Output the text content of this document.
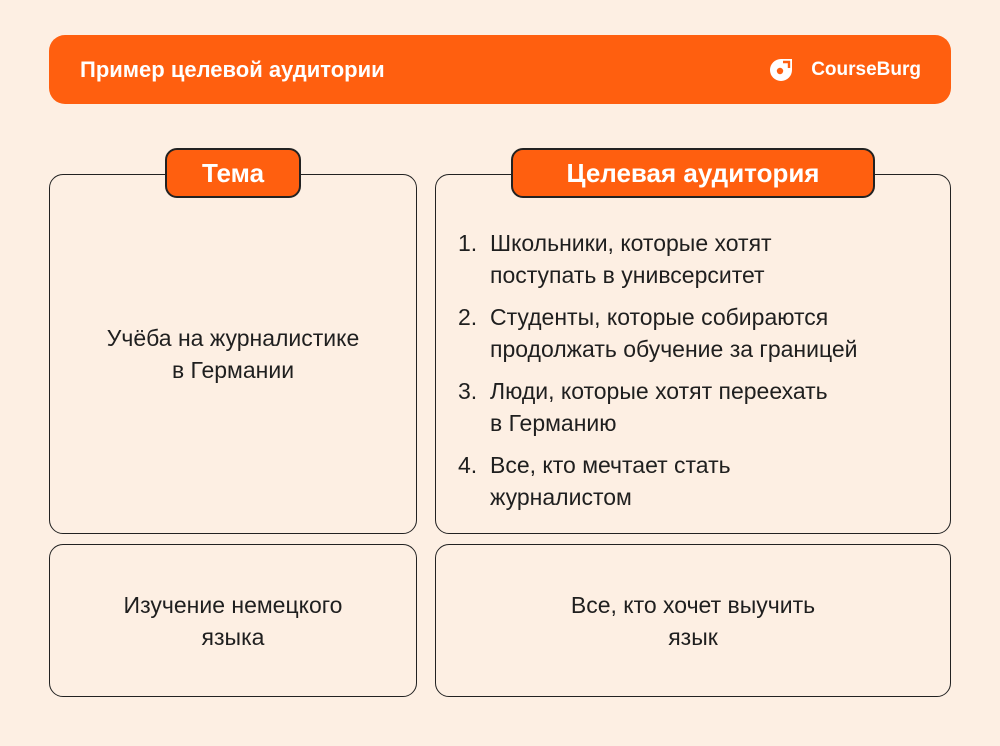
Пример целевой аудитории	CourseBurg
Учёба на журналистике
в Германии
1. Школьники, которые хотят
поступать в унивсерситет
2. Студенты, которые собираются
продолжать обучение за границей
3. Люди, которые хотят переехать
в Германию
4. Все, кто мечтает стать
журналистом
Изучение немецкого
языка
Все, кто хочет выучить
язык
Тема	Целевая аудитория
